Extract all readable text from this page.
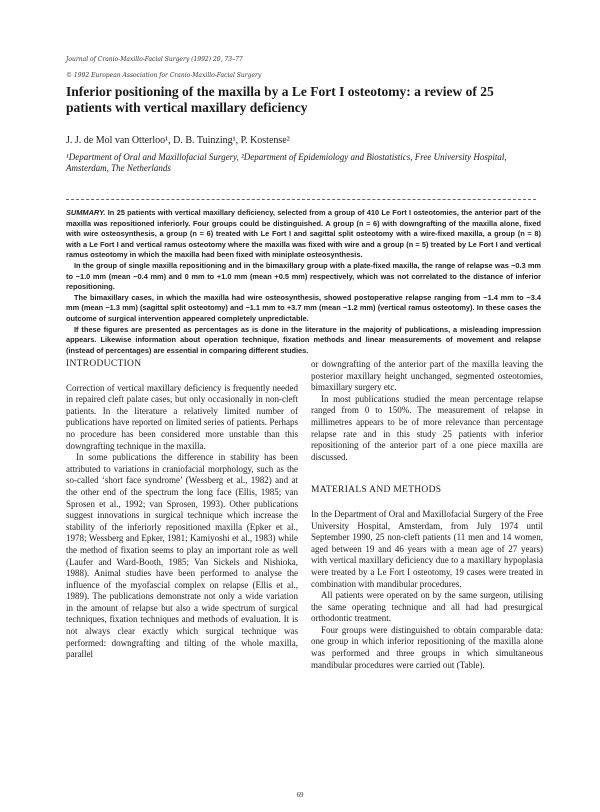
Journal of Cranio-Maxillo-Facial Surgery (1992) 20, 73–77

© 1992 European Association for Cranio-Maxillo-Facial Surgery

Inferior positioning of the maxilla by a Le Fort I osteotomy: a review of 25 patients with vertical maxillary deficiency
J. J. de Mol van Otterloo¹, D. B. Tuinzing¹, P. Kostense²
¹Department of Oral and Maxillofacial Surgery, ²Department of Epidemiology and Biostatistics, Free University Hospital, Amsterdam, The Netherlands

SUMMARY. In 25 patients with vertical maxillary deficiency, selected from a group of 410 Le Fort I osteotomies, the anterior part of the maxilla was repositioned inferiorly. Four groups could be distinguished. A group (n = 6) with downgrafting of the maxilla alone, fixed with wire osteosynthesis, a group (n = 6) treated with Le Fort I and sagittal split osteotomy with a wire-fixed maxilla, a group (n = 8) with a Le Fort I and vertical ramus osteotomy where the maxilla was fixed with wire and a group (n = 5) treated by Le Fort I and vertical ramus osteotomy in which the maxilla had been fixed with miniplate osteosynthesis.

In the group of single maxilla repositioning and in the bimaxillary group with a plate-fixed maxilla, the range of relapse was −0.3 mm to −1.0 mm (mean −0.4 mm) and 0 mm to +1.0 mm (mean +0.5 mm) respectively, which was not correlated to the distance of inferior repositioning.

The bimaxillary cases, in which the maxilla had wire osteosynthesis, showed postoperative relapse ranging from −1.4 mm to −3.4 mm (mean −1.3 mm) (sagittal split osteotomy) and −1.1 mm to +3.7 mm (mean −1.2 mm) (vertical ramus osteotomy). In these cases the outcome of surgical intervention appeared completely unpredictable.

If these figures are presented as percentages as is done in the literature in the majority of publications, a misleading impression appears. Likewise information about operation technique, fixation methods and linear measurements of movement and relapse (instead of percentages) are essential in comparing different studies.

INTRODUCTION

Correction of vertical maxillary deficiency is frequently needed in repaired cleft palate cases, but only occasionally in non-cleft patients. In the literature a relatively limited number of publications have reported on limited series of patients. Perhaps no procedure has been considered more unstable than this downgrafting technique in the maxilla.

In some publications the difference in stability has been attributed to variations in craniofacial morphology, such as the so-called ‘short face syndrome’ (Wessberg et al., 1982) and at the other end of the spectrum the long face (Ellis, 1985; van Sprosen et al., 1992; van Sprosen, 1993). Other publications suggest innovations in surgical technique which increase the stability of the inferiorly repositioned maxilla (Epker et al., 1978; Wessberg and Epker, 1981; Kamiyoshi et al., 1983) while the method of fixation seems to play an important role as well (Laufer and Ward-Booth, 1985; Van Sickels and Nishioka, 1988). Animal studies have been performed to analyse the influence of the myofascial complex on relapse (Ellis et al., 1989). The publications demonstrate not only a wide variation in the amount of relapse but also a wide spectrum of surgical techniques, fixation techniques and methods of evaluation. It is not always clear exactly which surgical technique was performed: downgrafting and tilting of the whole maxilla, parallel

or downgrafting of the anterior part of the maxilla leaving the posterior maxillary height unchanged, segmented osteotomies, bimaxillary surgery etc.

In most publications studied the mean percentage relapse ranged from 0 to 150%. The measurement of relapse in millimetres appears to be of more relevance than percentage relapse rate and in this study 25 patients with inferior repositioning of the anterior part of a one piece maxilla are discussed.

MATERIALS AND METHODS

In the Department of Oral and Maxillofacial Surgery of the Free University Hospital, Amsterdam, from July 1974 until September 1990, 25 non-cleft patients (11 men and 14 women, aged between 19 and 46 years with a mean age of 27 years) with vertical maxillary deficiency due to a maxillary hypoplasia were treated by a Le Fort I osteotomy, 19 cases were treated in combination with mandibular procedures.

All patients were operated on by the same surgeon, utilising the same operating technique and all had had presurgical orthodontic treatment.

Four groups were distinguished to obtain comparable data: one group in which inferior repositioning of the maxilla alone was performed and three groups in which simultaneous mandibular procedures were carried out (Table).

69
